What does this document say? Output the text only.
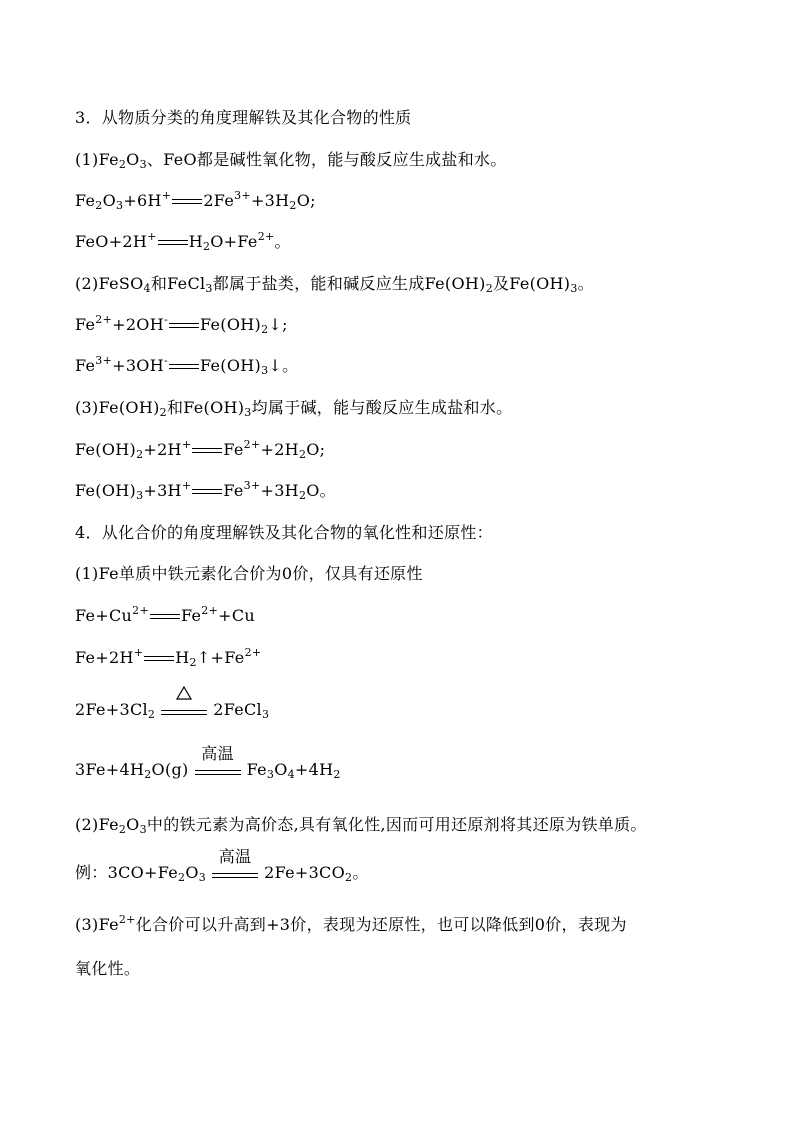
3．从物质分类的角度理解铁及其化合物的性质
$(1)Fe_2O_3$、FeO都是碱性氧化物，能与酸反应生成盐和水。
$Fe_2O_3+6H^+$ $2Fe^{3+}+3H_2O$;
FeO+2H+ $H_2O+Fe^{2+}$。
(2)FeSO$_4$和FeCl$_3$都属于盐类，能和碱反应生成$Fe(OH)_2$及$Fe(OH)_3$。
$Fe^{2+}+2OH^-$ $Fe(OH)_2↓$;
$Fe^{3+}+3OH^-$ $Fe(OH)_3↓$。
$(3)Fe(OH)_2$和$Fe(OH)_3$均属于碱，能与酸反应生成盐和水。
$Fe(OH)_2+2H^+$ $Fe^{2+}+2H_2O$;
$Fe(OH)_3+3H^+$ $Fe^{3+}+3H_2O$。
4．从化合价的角度理解铁及其化合物的氧化性和还原性：
(1)Fe单质中铁元素化合价为0价，仅具有还原性
$Fe+Cu^{2+}$ $Fe^{2+}+Cu$
Fe+2H+ $H_2↑+Fe^{2+}$
$2Fe+3Cl_2$	2FeCl$_3$
$3Fe+4H_2O(g)$
高温
$Fe_3O_4+4H_2$
$(2)Fe_2O_3$中的铁元素为高价态,具有氧化性,因而可用还原剂将其还原为铁单质。
例：$3CO+Fe_2O_3$
高温
$2Fe+3CO_2$。
$(3)Fe^{2+}$化合价可以升高到+3价，表现为还原性，也可以降低到0价，表现为
氧化性。
